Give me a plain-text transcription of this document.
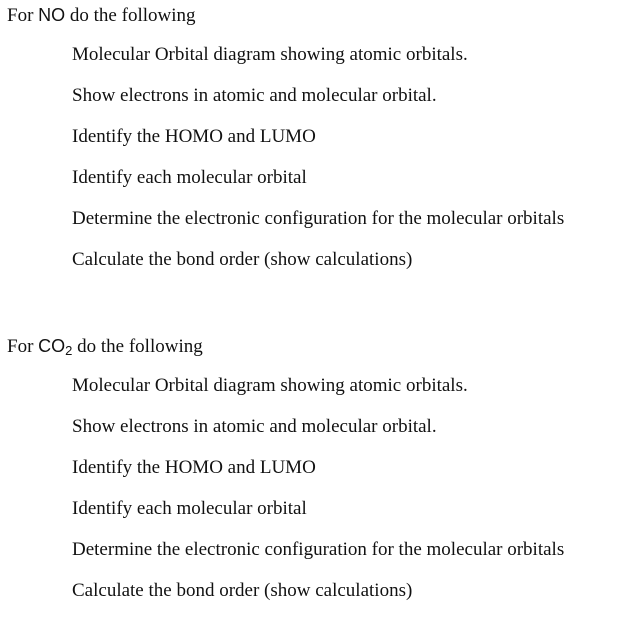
For NO do the following
Molecular Orbital diagram showing atomic orbitals.
Show electrons in atomic and molecular orbital.
Identify the HOMO and LUMO
Identify each molecular orbital
Determine the electronic configuration for the molecular orbitals
Calculate the bond order (show calculations)
For $CO_2$ do the following
Molecular Orbital diagram showing atomic orbitals.
Show electrons in atomic and molecular orbital.
Identify the HOMO and LUMO
Identify each molecular orbital
Determine the electronic configuration for the molecular orbitals
Calculate the bond order (show calculations)
